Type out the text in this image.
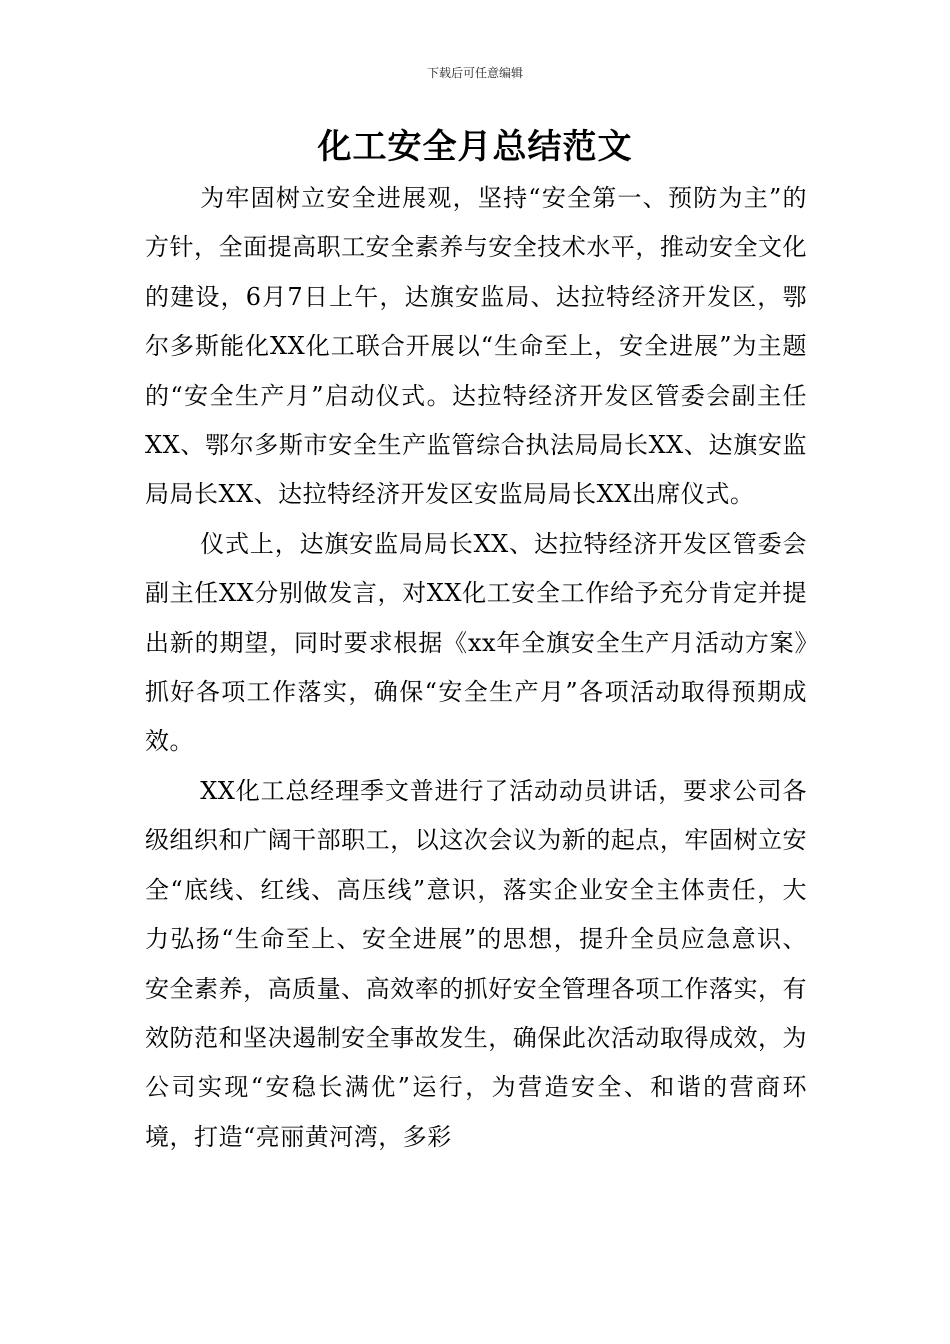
下载后可任意编辑
化工安全月总结范文

为牢固树立安全进展观，坚持“安全第一、预防为主”的方针，全面提高职工安全素养与安全技术水平，推动安全文化的建设，6月7日上午，达旗安监局、达拉特经济开发区，鄂尔多斯能化XX化工联合开展以“生命至上，安全进展”为主题的“安全生产月”启动仪式。达拉特经济开发区管委会副主任XX、鄂尔多斯市安全生产监管综合执法局局长XX、达旗安监局局长XX、达拉特经济开发区安监局局长XX出席仪式。

仪式上，达旗安监局局长XX、达拉特经济开发区管委会副主任XX分别做发言，对XX化工安全工作给予充分肯定并提出新的期望，同时要求根据《xx年全旗安全生产月活动方案》抓好各项工作落实，确保“安全生产月”各项活动取得预期成效。

XX化工总经理季文普进行了活动动员讲话，要求公司各级组织和广阔干部职工，以这次会议为新的起点，牢固树立安全“底线、红线、高压线”意识，落实企业安全主体责任，大力弘扬“生命至上、安全进展”的思想，提升全员应急意识、安全素养，高质量、高效率的抓好安全管理各项工作落实，有效防范和坚决遏制安全事故发生，确保此次活动取得成效，为公司实现“安稳长满优”运行，为营造安全、和谐的营商环境，打造“亮丽黄河湾，多彩
